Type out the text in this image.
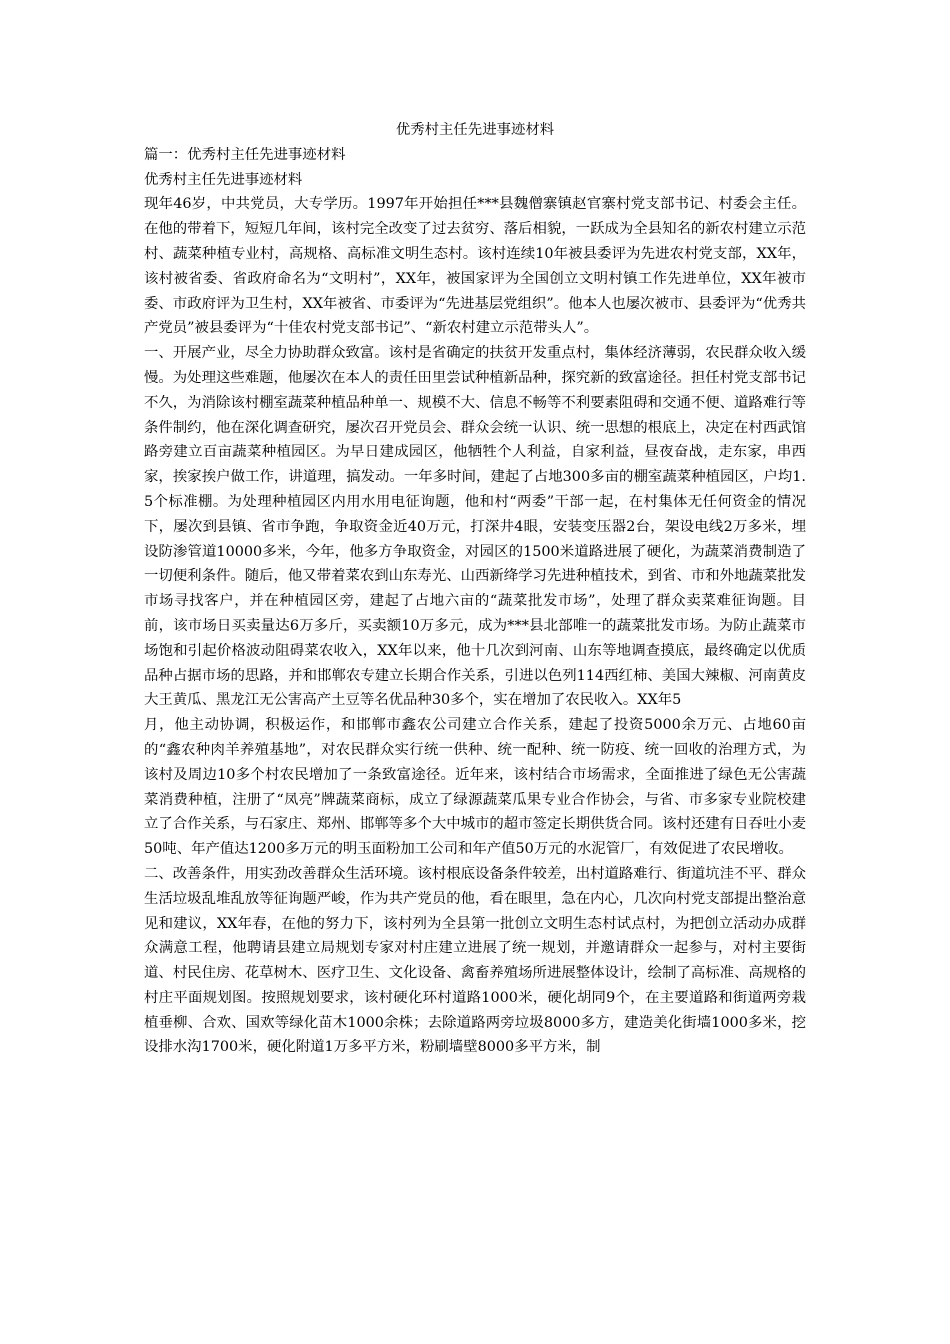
优秀村主任先进事迹材料

篇一：优秀村主任先进事迹材料

优秀村主任先进事迹材料

现年46岁，中共党员，大专学历。1997年开始担任***县魏僧寨镇赵官寨村党支部书记、村委会主任。在他的带着下，短短几年间，该村完全改变了过去贫穷、落后相貌，一跃成为全县知名的新农村建立示范村、蔬菜种植专业村，高规格、高标准文明生态村。该村连续10年被县委评为先进农村党支部，XX年，该村被省委、省政府命名为“文明村”，XX年，被国家评为全国创立文明村镇工作先进单位，XX年被市委、市政府评为卫生村，XX年被省、市委评为“先进基层党组织”。他本人也屡次被市、县委评为“优秀共产党员”被县委评为“十佳农村党支部书记”、“新农村建立示范带头人”。

一、开展产业，尽全力协助群众致富。该村是省确定的扶贫开发重点村，集体经济薄弱，农民群众收入缓慢。为处理这些难题，他屡次在本人的责任田里尝试种植新品种，探究新的致富途径。担任村党支部书记不久，为消除该村棚室蔬菜种植品种单一、规模不大、信息不畅等不利要素阻碍和交通不便、道路难行等条件制约，他在深化调查研究，屡次召开党员会、群众会统一认识、统一思想的根底上，决定在村西武馆路旁建立百亩蔬菜种植园区。为早日建成园区，他牺牲个人利益，自家利益，昼夜奋战，走东家，串西家，挨家挨户做工作，讲道理，搞发动。一年多时间，建起了占地300多亩的棚室蔬菜种植园区，户均1.5个标准棚。为处理种植园区内用水用电征询题，他和村“两委”干部一起，在村集体无任何资金的情况下，屡次到县镇、省市争跑，争取资金近40万元，打深井4眼，安装变压器2台，架设电线2万多米，埋设防渗管道10000多米，今年，他多方争取资金，对园区的1500米道路进展了硬化，为蔬菜消费制造了一切便利条件。随后，他又带着菜农到山东寿光、山西新绛学习先进种植技术，到省、市和外地蔬菜批发市场寻找客户，并在种植园区旁，建起了占地六亩的“蔬菜批发市场”，处理了群众卖菜难征询题。目前，该市场日买卖量达6万多斤，买卖额10万多元，成为***县北部唯一的蔬菜批发市场。为防止蔬菜市场饱和引起价格波动阻碍菜农收入，XX年以来，他十几次到河南、山东等地调查摸底，最终确定以优质品种占据市场的思路，并和邯郸农专建立长期合作关系，引进以色列114西红柿、美国大辣椒、河南黄皮大王黄瓜、黑龙江无公害高产土豆等名优品种30多个，实在增加了农民收入。XX年5

月，他主动协调，积极运作，和邯郸市鑫农公司建立合作关系，建起了投资5000余万元、占地60亩的“鑫农种肉羊养殖基地”，对农民群众实行统一供种、统一配种、统一防疫、统一回收的治理方式，为该村及周边10多个村农民增加了一条致富途径。近年来，该村结合市场需求，全面推进了绿色无公害蔬菜消费种植，注册了“凤亮”牌蔬菜商标，成立了绿源蔬菜瓜果专业合作协会，与省、市多家专业院校建立了合作关系，与石家庄、郑州、邯郸等多个大中城市的超市签定长期供货合同。该村还建有日吞吐小麦50吨、年产值达1200多万元的明玉面粉加工公司和年产值50万元的水泥管厂，有效促进了农民增收。

二、改善条件，用实劲改善群众生活环境。该村根底设备条件较差，出村道路难行、街道坑洼不平、群众生活垃圾乱堆乱放等征询题严峻，作为共产党员的他，看在眼里，急在内心，几次向村党支部提出整治意见和建议，XX年春，在他的努力下，该村列为全县第一批创立文明生态村试点村，为把创立活动办成群众满意工程，他聘请县建立局规划专家对村庄建立进展了统一规划，并邀请群众一起参与，对村主要街道、村民住房、花草树木、医疗卫生、文化设备、禽畜养殖场所进展整体设计，绘制了高标准、高规格的村庄平面规划图。按照规划要求，该村硬化环村道路1000米，硬化胡同9个，在主要道路和街道两旁栽植垂柳、合欢、国欢等绿化苗木1000余株；去除道路两旁垃圾8000多方，建造美化街墙1000多米，挖设排水沟1700米，硬化附道1万多平方米，粉刷墙壁8000多平方米，制
